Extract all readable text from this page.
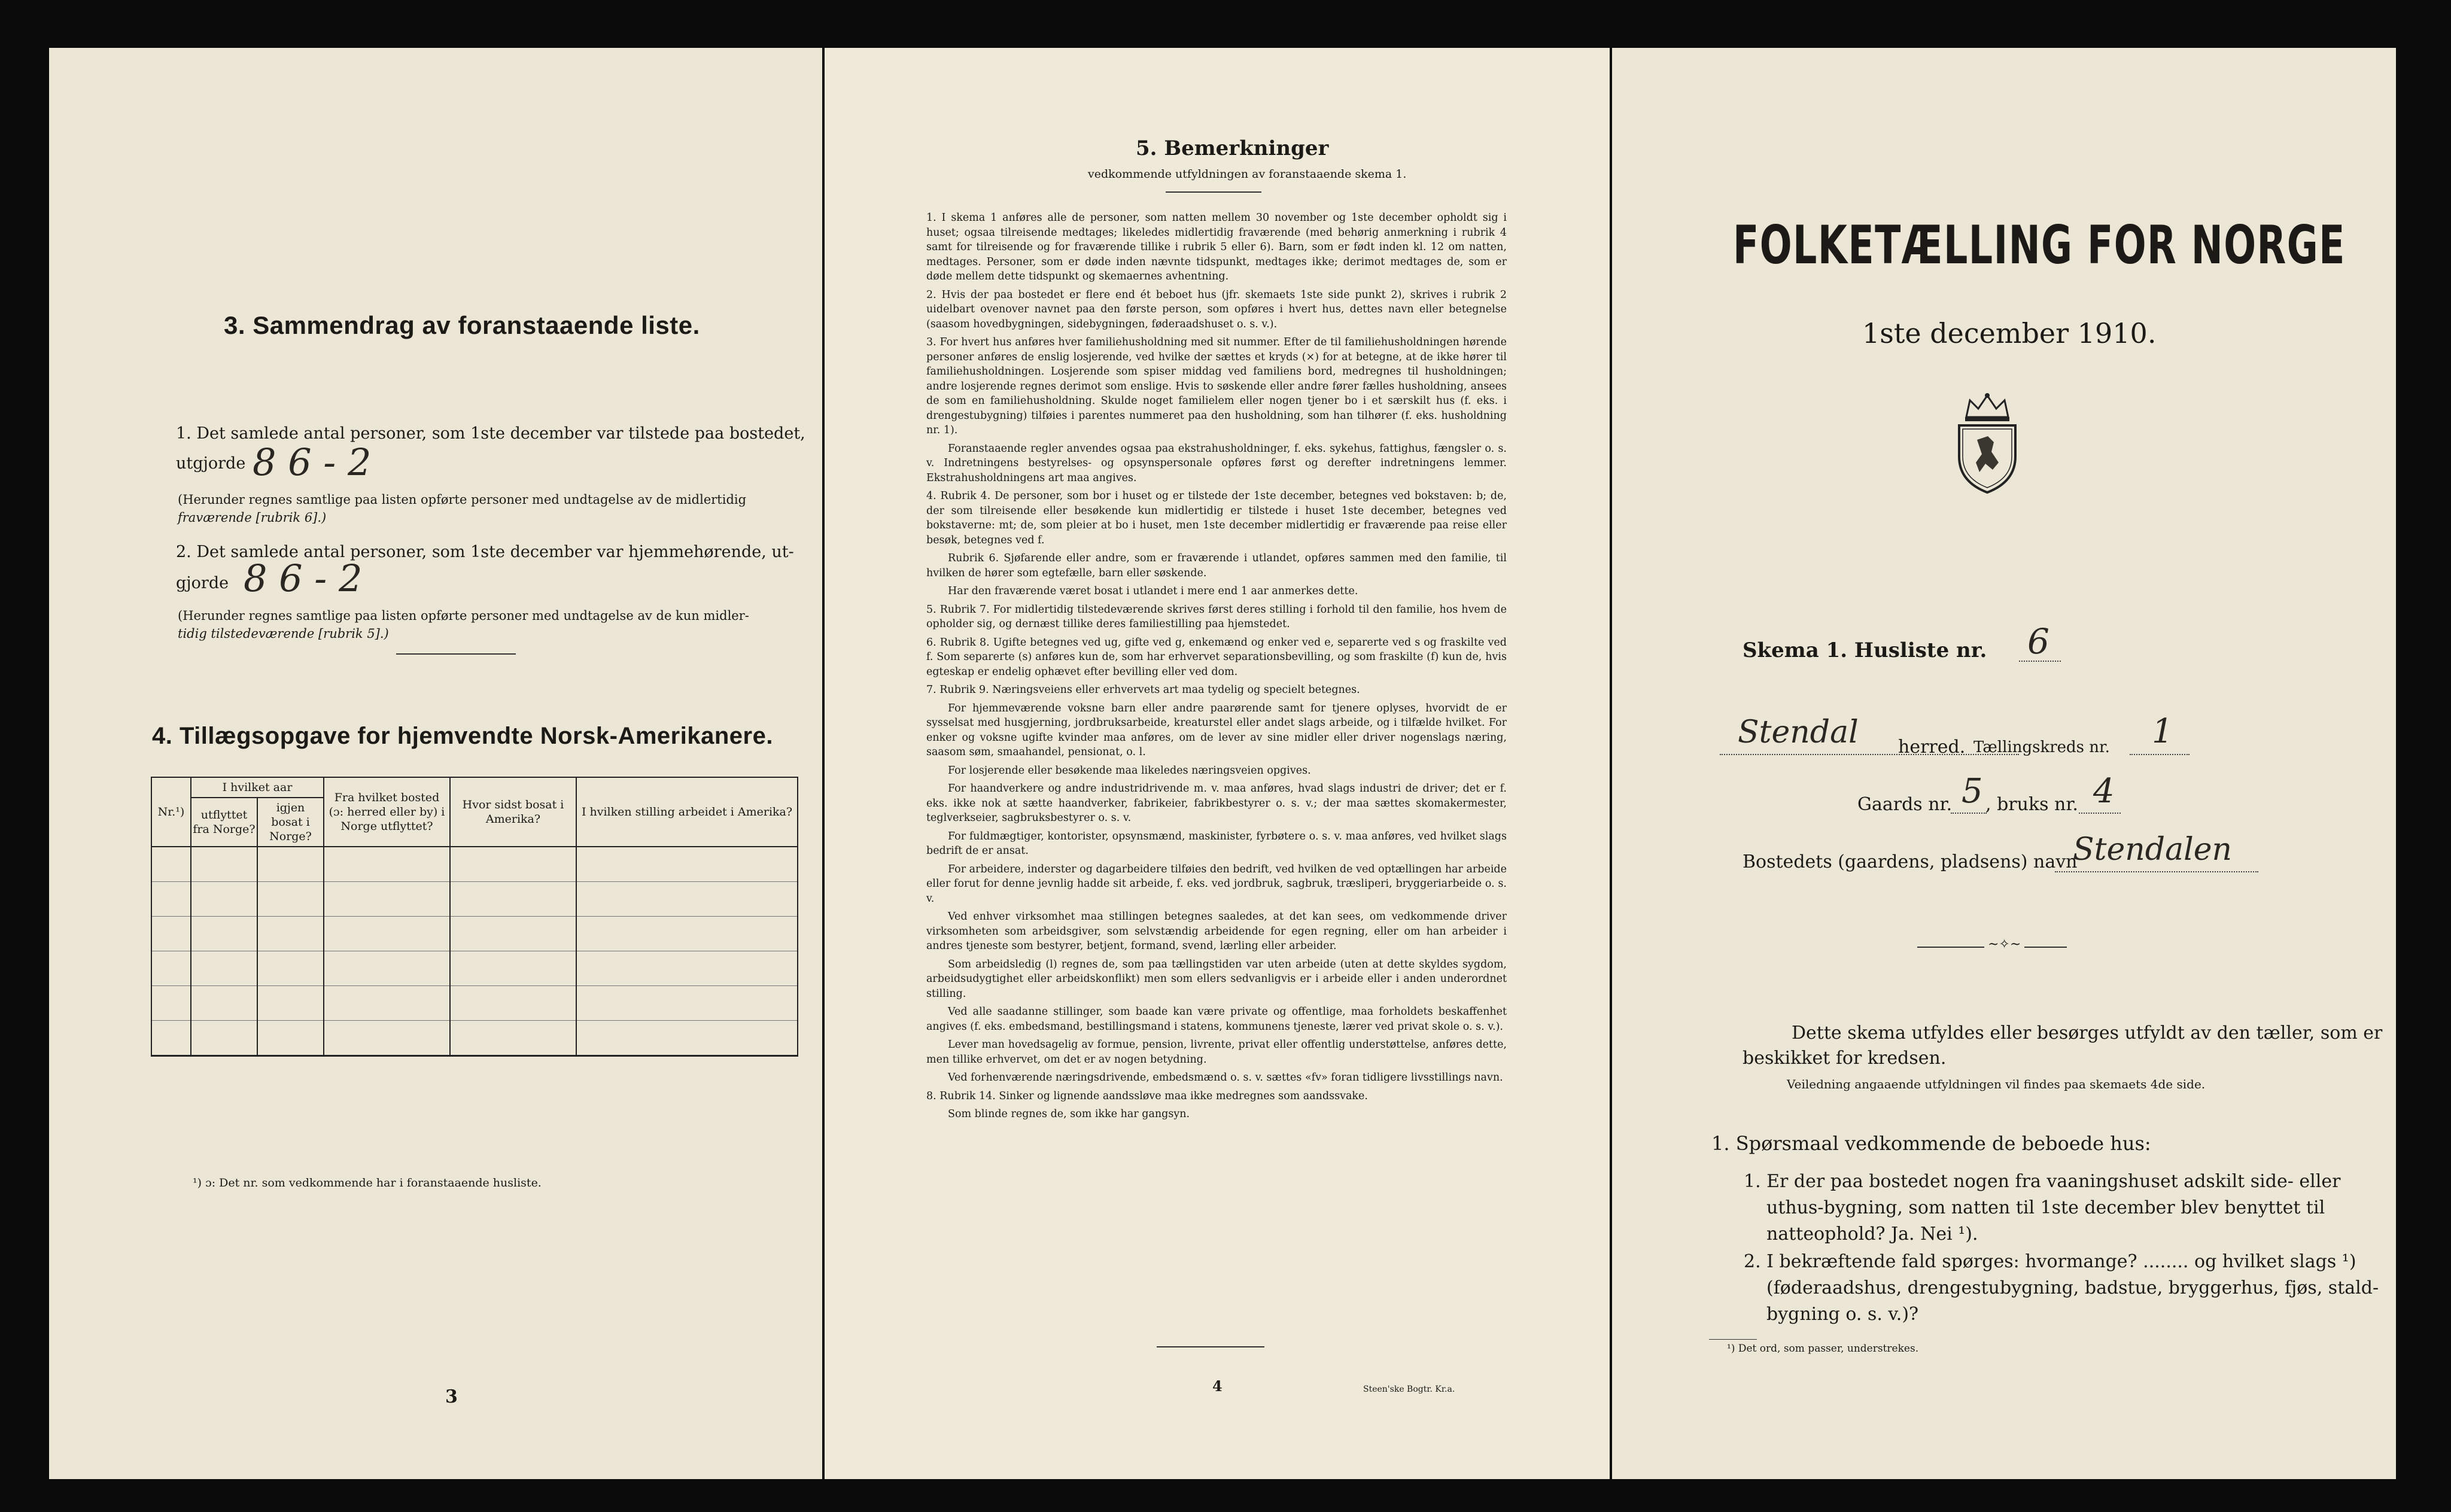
3. Sammendrag av foranstaaende liste.
1. Det samlede antal personer, som 1ste december var tilstede paa bostedet,
utgjorde 8 6 - 2
(Herunder regnes samtlige paa listen opførte personer med undtagelse av de midlertidig
fraværende [rubrik 6].)
2. Det samlede antal personer, som 1ste december var hjemmehørende, ut-
gjorde 8 6 - 2
(Herunder regnes samtlige paa listen opførte personer med undtagelse av de kun midler-
tidig tilstedeværende [rubrik 5].)
4. Tillægsopgave for hjemvendte Norsk-Amerikanere.
Nr.¹)	I hvilket aar		Fra hvilket bosted (ɔ: herred eller by) i Norge utflyttet?	Hvor sidst bosat i Amerika?	I hvilken stilling arbeidet i Amerika?
	utflyttet fra Norge?	igjen bosat i Norge?			

¹) ɔ: Det nr. som vedkommende har i foranstaaende husliste.
3
5. Bemerkninger
vedkommende utfyldningen av foranstaaende skema 1.

1. I skema 1 anføres alle de personer, som natten mellem 30 november og 1ste december opholdt sig i huset; ogsaa tilreisende medtages; likeledes midlertidig fraværende (med behørig anmerkning i rubrik 4 samt for tilreisende og for fraværende tillike i rubrik 5 eller 6). Barn, som er født inden kl. 12 om natten, medtages. Personer, som er døde inden nævnte tidspunkt, medtages ikke; derimot medtages de, som er døde mellem dette tidspunkt og skemaernes avhentning.

2. Hvis der paa bostedet er flere end ét beboet hus (jfr. skemaets 1ste side punkt 2), skrives i rubrik 2 uidelbart ovenover navnet paa den første person, som opføres i hvert hus, dettes navn eller betegnelse (saasom hovedbygningen, sidebygningen, føderaadshuset o. s. v.).

3. For hvert hus anføres hver familiehusholdning med sit nummer. Efter de til familiehusholdningen hørende personer anføres de enslig losjerende, ved hvilke der sættes et kryds (×) for at betegne, at de ikke hører til familiehusholdningen. Losjerende som spiser middag ved familiens bord, medregnes til husholdningen; andre losjerende regnes derimot som enslige. Hvis to søskende eller andre fører fælles husholdning, ansees de som en familiehusholdning. Skulde noget familielem eller nogen tjener bo i et særskilt hus (f. eks. i drengestubygning) tilføies i parentes nummeret paa den husholdning, som han tilhører (f. eks. husholdning nr. 1).

Foranstaaende regler anvendes ogsaa paa ekstrahusholdninger, f. eks. sykehus, fattighus, fængsler o. s. v. Indretningens bestyrelses- og opsynspersonale opføres først og derefter indretningens lemmer. Ekstrahusholdningens art maa angives.

4. Rubrik 4. De personer, som bor i huset og er tilstede der 1ste december, betegnes ved bokstaven: b; de, der som tilreisende eller besøkende kun midlertidig er tilstede i huset 1ste december, betegnes ved bokstaverne: mt; de, som pleier at bo i huset, men 1ste december midlertidig er fraværende paa reise eller besøk, betegnes ved f.

Rubrik 6. Sjøfarende eller andre, som er fraværende i utlandet, opføres sammen med den familie, til hvilken de hører som egtefælle, barn eller søskende.

Har den fraværende været bosat i utlandet i mere end 1 aar anmerkes dette.

5. Rubrik 7. For midlertidig tilstedeværende skrives først deres stilling i forhold til den familie, hos hvem de opholder sig, og dernæst tillike deres familiestilling paa hjemstedet.

6. Rubrik 8. Ugifte betegnes ved ug, gifte ved g, enkemænd og enker ved e, separerte ved s og fraskilte ved f. Som separerte (s) anføres kun de, som har erhvervet separationsbevilling, og som fraskilte (f) kun de, hvis egteskap er endelig ophævet efter bevilling eller ved dom.

7. Rubrik 9. Næringsveiens eller erhvervets art maa tydelig og specielt betegnes.

For hjemmeværende voksne barn eller andre paarørende samt for tjenere oplyses, hvorvidt de er sysselsat med husgjerning, jordbruksarbeide, kreaturstel eller andet slags arbeide, og i tilfælde hvilket. For enker og voksne ugifte kvinder maa anføres, om de lever av sine midler eller driver nogenslags næring, saasom søm, smaahandel, pensionat, o. l.

For losjerende eller besøkende maa likeledes næringsveien opgives.

For haandverkere og andre industridrivende m. v. maa anføres, hvad slags industri de driver; det er f. eks. ikke nok at sætte haandverker, fabrikeier, fabrikbestyrer o. s. v.; der maa sættes skomakermester, teglverkseier, sagbruksbestyrer o. s. v.

For fuldmægtiger, kontorister, opsynsmænd, maskinister, fyrbøtere o. s. v. maa anføres, ved hvilket slags bedrift de er ansat.

For arbeidere, inderster og dagarbeidere tilføies den bedrift, ved hvilken de ved optællingen har arbeide eller forut for denne jevnlig hadde sit arbeide, f. eks. ved jordbruk, sagbruk, træsliperi, bryggeriarbeide o. s. v.

Ved enhver virksomhet maa stillingen betegnes saaledes, at det kan sees, om vedkommende driver virksomheten som arbeidsgiver, som selvstændig arbeidende for egen regning, eller om han arbeider i andres tjeneste som bestyrer, betjent, formand, svend, lærling eller arbeider.

Som arbeidsledig (l) regnes de, som paa tællingstiden var uten arbeide (uten at dette skyldes sygdom, arbeidsudygtighet eller arbeidskonflikt) men som ellers sedvanligvis er i arbeide eller i anden underordnet stilling.

Ved alle saadanne stillinger, som baade kan være private og offentlige, maa forholdets beskaffenhet angives (f. eks. embedsmand, bestillingsmand i statens, kommunens tjeneste, lærer ved privat skole o. s. v.).

Lever man hovedsagelig av formue, pension, livrente, privat eller offentlig understøttelse, anføres dette, men tillike erhvervet, om det er av nogen betydning.

Ved forhenværende næringsdrivende, embedsmænd o. s. v. sættes «fv» foran tidligere livsstillings navn.

8. Rubrik 14. Sinker og lignende aandssløve maa ikke medregnes som aandssvake.

Som blinde regnes de, som ikke har gangsyn.

4	Steen'ske Bogtr. Kr.a.
FOLKETÆLLING FOR NORGE
1ste december 1910.
Skema 1. Husliste nr. 6
Stendal herred. Tællingskreds nr. 1
Gaards nr. 5 , bruks nr. 4
Bostedets (gaardens, pladsens) navn
Stendalen
~✧~
Dette skema utfyldes eller besørges utfyldt av den tæller, som er
beskikket for kredsen.
Veiledning angaaende utfyldningen vil findes paa skemaets 4de side.
1. Spørsmaal vedkommende de beboede hus:
1. Er der paa bostedet nogen fra vaaningshuset adskilt side- eller
uthus-bygning, som natten til 1ste december blev benyttet til
natteophold? Ja. Nei ¹).
2. I bekræftende fald spørges: hvormange? ........ og hvilket slags ¹)
(føderaadshus, drengestubygning, badstue, bryggerhus, fjøs, stald-
bygning o. s. v.)?
¹) Det ord, som passer, understrekes.
